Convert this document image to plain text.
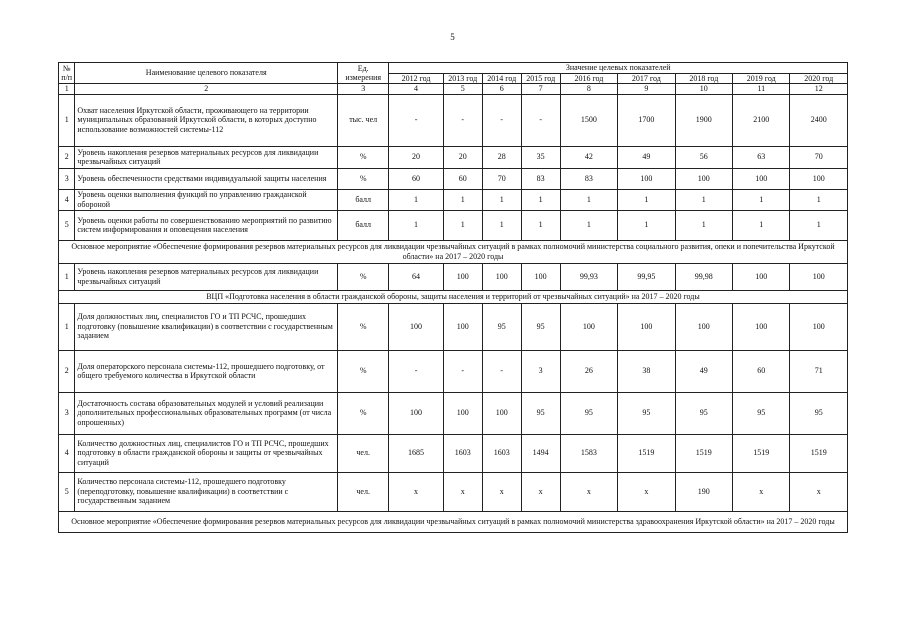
5
№ п/п	Наименование целевого показателя	Ед. измерения	Значение целевых показателей								
			2012 год	2013 год	2014 год	2015 год	2016 год	2017 год	2018 год	2019 год	2020 год
1	2	3	4	5	6	7	8	9	10	11	12
1	Охват населения Иркутской области, проживающего на территории муниципальных образований Иркутской области, в которых доступно использование возможностей системы-112	тыс. чел	-	-	-	-	1500	1700	1900	2100	2400
2	Уровень накопления резервов материальных ресурсов для ликвидации чрезвычайных ситуаций	%	20	20	28	35	42	49	56	63	70
3	Уровень обеспеченности средствами индивидуальной защиты населения	%	60	60	70	83	83	100	100	100	100
4	Уровень оценки выполнения функций по управлению гражданской обороной	балл	1	1	1	1	1	1	1	1	1
5	Уровень оценки работы по совершенствованию мероприятий по развитию систем информирования и оповещения населения	балл	1	1	1	1	1	1	1	1	1
Основное мероприятие «Обеспечение формирования резервов материальных ресурсов для ликвидации чрезвычайных ситуаций в рамках полномочий министерства социального развития, опеки и попечительства Иркутской области» на 2017 – 2020 годы											
1	Уровень накопления резервов материальных ресурсов для ликвидации чрезвычайных ситуаций	%	64	100	100	100	99,93	99,95	99,98	100	100
ВЦП «Подготовка населения в области гражданской обороны, защиты населения и территорий от чрезвычайных ситуаций» на 2017 – 2020 годы											
1	Доля должностных лиц, специалистов ГО и ТП РСЧС, прошедших подготовку (повышение квалификации) в соответствии с государственным заданием	%	100	100	95	95	100	100	100	100	100
2	Доля операторского персонала системы-112, прошедшего подготовку, от общего требуемого количества в Иркутской области	%	-	-	-	3	26	38	49	60	71
3	Достаточность состава образовательных модулей и условий реализации дополнительных профессиональных образовательных программ (от числа опрошенных)	%	100	100	100	95	95	95	95	95	95
4	Количество должностных лиц, специалистов ГО и ТП РСЧС, прошедших подготовку в области гражданской обороны и защиты от чрезвычайных ситуаций	чел.	1685	1603	1603	1494	1583	1519	1519	1519	1519
5	Количество персонала системы-112, прошедшего подготовку (переподготовку, повышение квалификации) в соответствии с государственным заданием	чел.	х	х	х	х	х	х	190	х	х
Основное мероприятие «Обеспечение формирования резервов материальных ресурсов для ликвидации чрезвычайных ситуаций в рамках полномочий министерства здравоохранения Иркутской области» на 2017 – 2020 годы											
